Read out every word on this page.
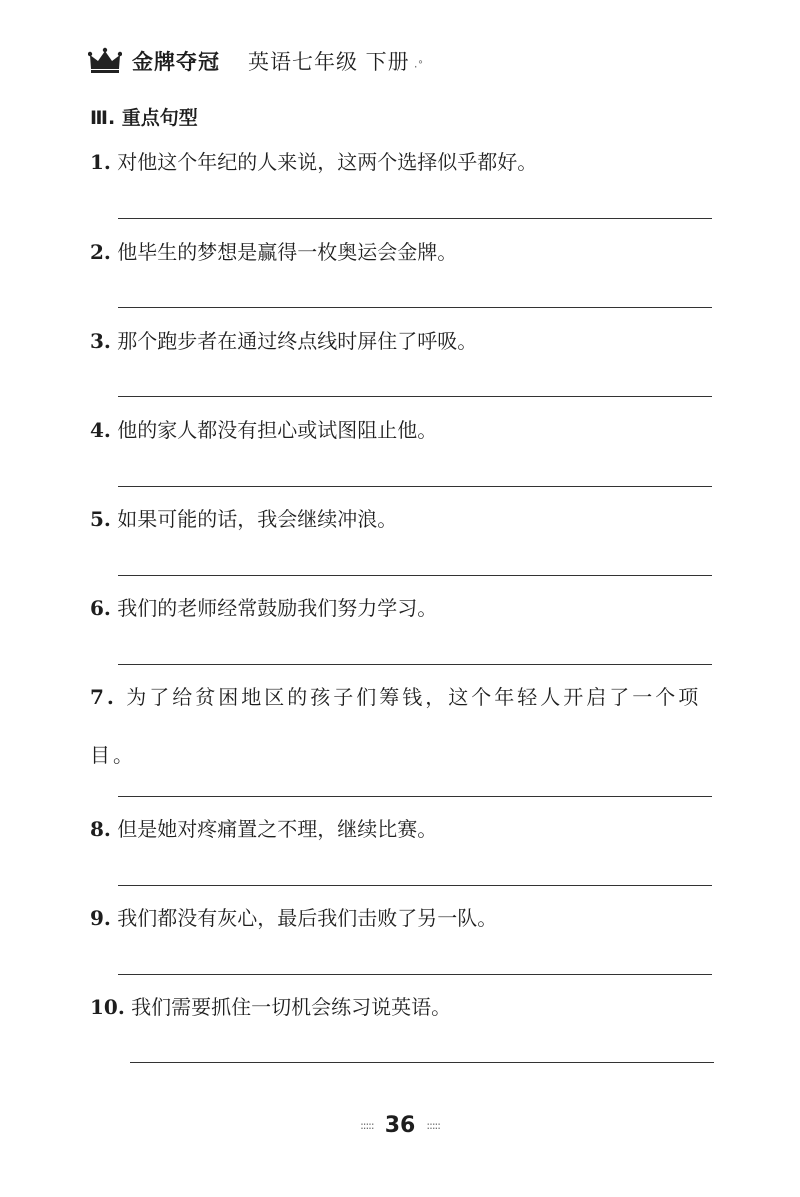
金牌夺冠 英语七年级 下册 ·˚
Ⅲ. 重点句型
1. 对他这个年纪的人来说，这两个选择似乎都好。
2. 他毕生的梦想是赢得一枚奥运会金牌。
3. 那个跑步者在通过终点线时屏住了呼吸。
4. 他的家人都没有担心或试图阻止他。
5. 如果可能的话，我会继续冲浪。
6. 我们的老师经常鼓励我们努力学习。
7. 为了给贫困地区的孩子们筹钱，这个年轻人开启了一个项目。
8. 但是她对疼痛置之不理，继续比赛。
9. 我们都没有灰心，最后我们击败了另一队。
10. 我们需要抓住一切机会练习说英语。
::::: 36 :::::
